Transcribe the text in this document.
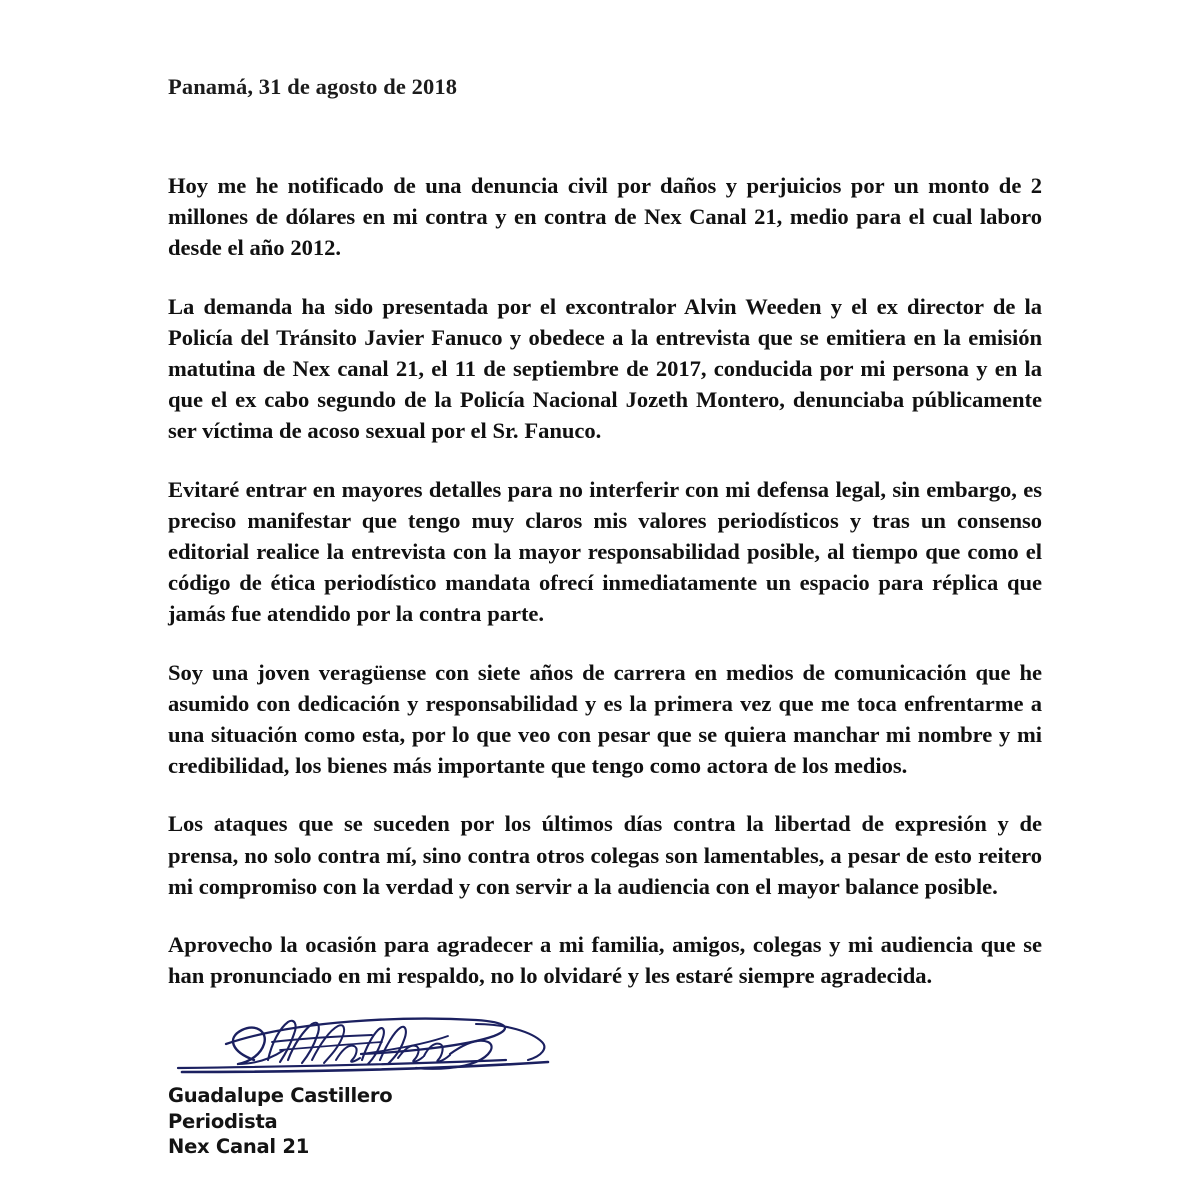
Panamá, 31 de agosto de 2018

Hoy me he notificado de una denuncia civil por daños y perjuicios por un monto de 2 millones de dólares en mi contra y en contra de Nex Canal 21, medio para el cual laboro desde el año 2012.

La demanda ha sido presentada por el excontralor Alvin Weeden y el ex director de la Policía del Tránsito Javier Fanuco y obedece a la entrevista que se emitiera en la emisión matutina de Nex canal 21, el 11 de septiembre de 2017, conducida por mi persona y en la que el ex cabo segundo de la Policía Nacional Jozeth Montero, denunciaba públicamente ser víctima de acoso sexual por el Sr. Fanuco.

Evitaré entrar en mayores detalles para no interferir con mi defensa legal, sin embargo, es preciso manifestar que tengo muy claros mis valores periodísticos y tras un consenso editorial realice la entrevista con la mayor responsabilidad posible, al tiempo que como el código de ética periodístico mandata ofrecí inmediatamente un espacio para réplica que jamás fue atendido por la contra parte.

Soy una joven veragüense con siete años de carrera en medios de comunicación que he asumido con dedicación y responsabilidad y es la primera vez que me toca enfrentarme a una situación como esta, por lo que veo con pesar que se quiera manchar mi nombre y mi credibilidad, los bienes más importante que tengo como actora de los medios.

Los ataques que se suceden por los últimos días contra la libertad de expresión y de prensa, no solo contra mí, sino contra otros colegas son lamentables, a pesar de esto reitero mi compromiso con la verdad y con servir a la audiencia con el mayor balance posible.

Aprovecho la ocasión para agradecer a mi familia, amigos, colegas y mi audiencia que se han pronunciado en mi respaldo, no lo olvidaré y les estaré siempre agradecida.

Guadalupe Castillero
Periodista
Nex Canal 21
